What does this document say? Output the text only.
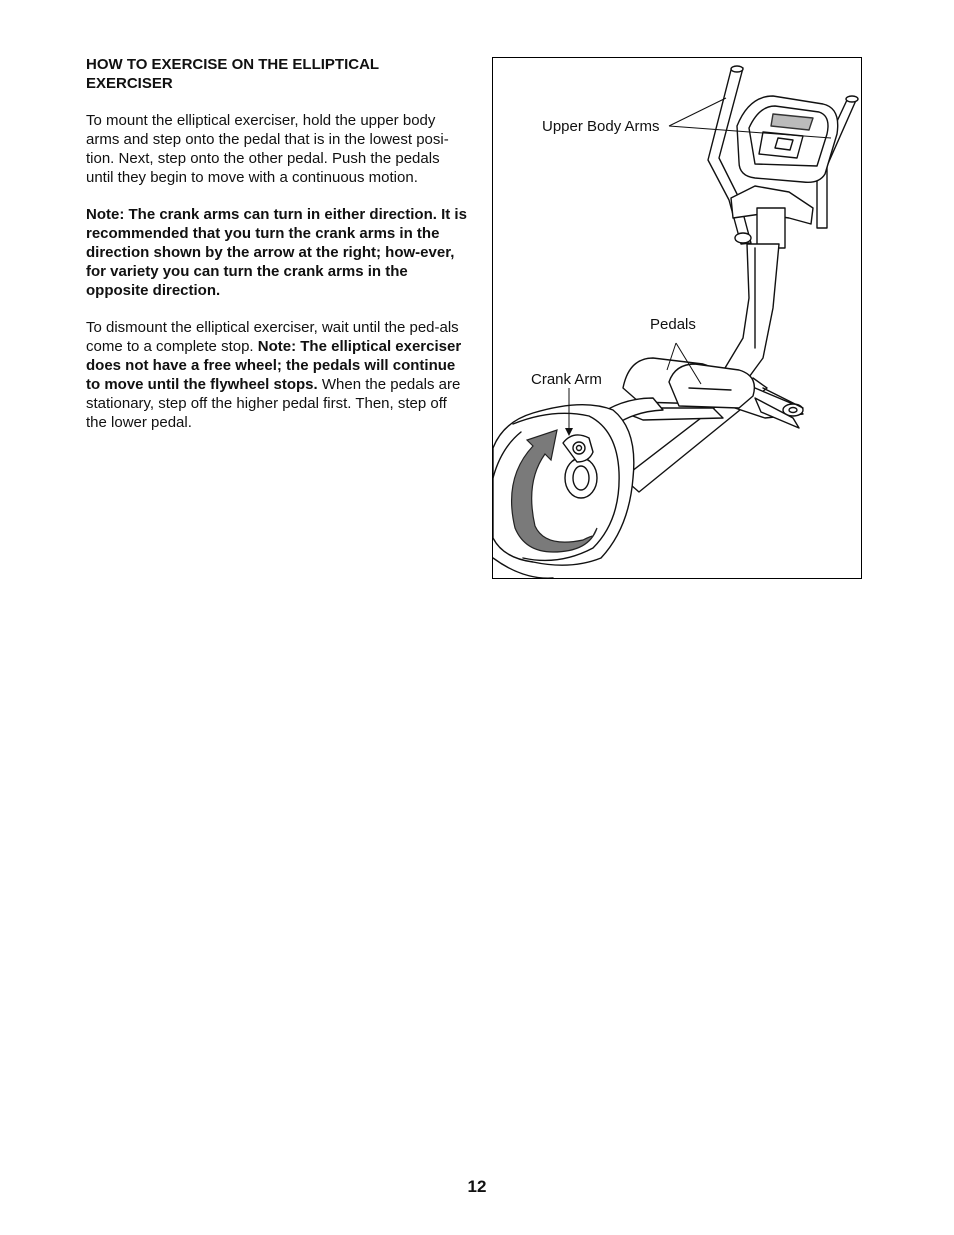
HOW TO EXERCISE ON THE ELLIPTICAL
EXERCISER

To mount the elliptical exerciser, hold the upper body arms and step onto the pedal that is in the lowest posi-tion. Next, step onto the other pedal. Push the pedals until they begin to move with a continuous motion.

Note: The crank arms can turn in either direction. It is recommended that you turn the crank arms in the direction shown by the arrow at the right; how-ever, for variety you can turn the crank arms in the opposite direction.

To dismount the elliptical exerciser, wait until the ped-als come to a complete stop. Note: The elliptical exerciser does not have a free wheel; the pedals will continue to move until the flywheel stops. When the pedals are stationary, step off the higher pedal first. Then, step off the lower pedal.

Upper Body Arms
Pedals
Crank Arm
12
